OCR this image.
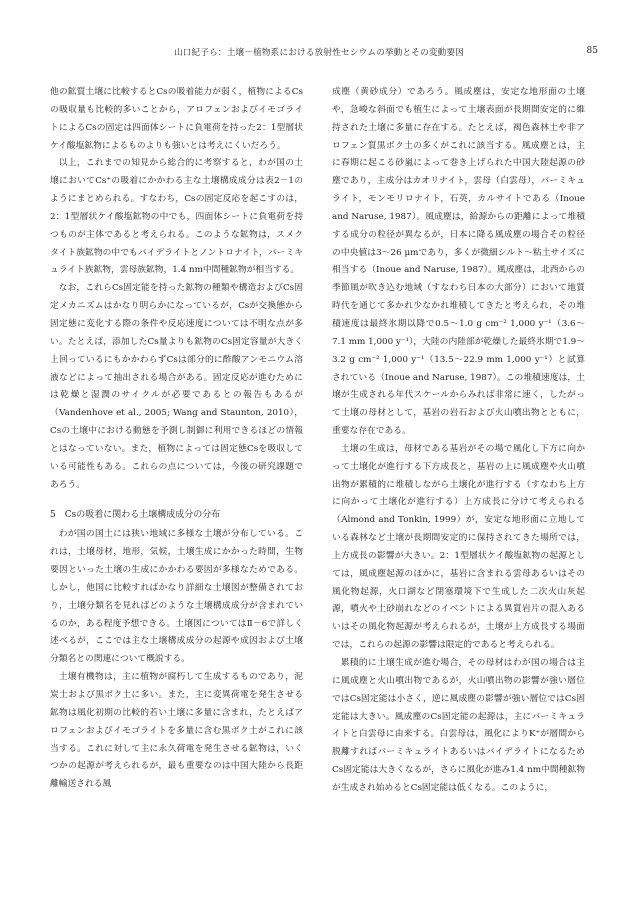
山口紀子ら：土壌－植物系における放射性セシウムの挙動とその変動要因	85

他の鉱質土壌に比較するとCsの吸着能力が弱く，植物によるCsの吸収量も比較的多いことから，アロフェンおよびイモゴライトによるCsの固定は四面体シートに負電荷を持った2：1型層状ケイ酸塩鉱物によるものよりも強いとは考えにくいだろう。

以上，これまでの知見から総合的に考察すると，わが国の土壌においてCs⁺の吸着にかかわる主な土壌構成成分は表2－1のようにまとめられる。すなわち，Csの固定反応を起こすのは，2：1型層状ケイ酸塩鉱物の中でも，四面体シートに負電荷を持つものが主体であると考えられる。このような鉱物は，スメクタイト族鉱物の中でもバイデライトとノントロナイト，バーミキュライト族鉱物，雲母族鉱物，1.4 nm中間種鉱物が相当する。

なお，これらCs固定能を持った鉱物の種類や構造およびCs固定メカニズムはかなり明らかになっているが，Csが交換態から固定態に変化する際の条件や反応速度については不明な点が多い。たとえば，添加したCs量よりも鉱物のCs固定容量が大きく上回っているにもかかわらずCsは部分的に酢酸アンモニウム溶液などによって抽出される場合がある。固定反応が進むためには乾燥と湿潤のサイクルが必要であるとの報告もあるが（Vandenhove et al., 2005; Wang and Staunton, 2010），Csの土壌中における動態を予測し制御に利用できるほどの情報とはなっていない。また，植物によっては固定態Csを吸収している可能性もある。これらの点については，今後の研究課題であろう。

5　Csの吸着に関わる土壌構成成分の分布

わが国の国土には狭い地域に多様な土壌が分布している。これは，土壌母材，地形，気候，土壌生成にかかった時間，生物要因といった土壌の生成にかかわる要因が多様なためである。しかし，他国に比較すればかなり詳細な土壌図が整備されており，土壌分類名を見ればどのような土壌構成成分が含まれているのか，ある程度予想できる。土壌図についてはⅡ－6で詳しく述べるが，ここでは主な土壌構成成分の起源や成因および土壌分類名との関連について概説する。

土壌有機物は，主に植物が腐朽して生成するものであり，泥炭土および黒ボク土に多い。また，主に変異荷電を発生させる鉱物は風化初期の比較的若い土壌に多量に含まれ，たとえばアロフェンおよびイモゴライトを多量に含む黒ボク土がこれに該当する。これに対して主に永久荷電を発生させる鉱物は，いくつかの起源が考えられるが，最も重要なのは中国大陸から長距離輸送される風

成塵（黄砂成分）であろう。風成塵は，安定な地形面の土壌や，急峻な斜面でも植生によって土壌表面が長期間安定的に維持された土壌に多量に存在する。たとえば，褐色森林土や非アロフェン質黒ボク土の多くがこれに該当する。風成塵とは，主に春期に起こる砂嵐によって巻き上げられた中国大陸起源の砂塵であり，主成分はカオリナイト，雲母（白雲母），バーミキュライト，モンモリロナイト，石英，カルサイトである（Inoue and Naruse, 1987）。風成塵は，給源からの距離によって堆積する成分の粒径が異なるが，日本に降る風成塵の場合その粒径の中央値は3～26 μmであり，多くが微細シルト～粘土サイズに相当する（Inoue and Naruse, 1987）。風成塵は，北西からの季節風が吹き込む地域（すなわち日本の大部分）において地質時代を通じて多かれ少なかれ堆積してきたと考えられ，その堆積速度は最終氷期以降で0.5～1.0 g cm⁻² 1,000 y⁻¹（3.6～7.1 mm 1,000 y⁻¹），大陸の内陸部が乾燥した最終氷期で1.9～3.2 g cm⁻² 1,000 y⁻¹（13.5～22.9 mm 1,000 y⁻¹）と試算されている（Inoue and Naruse, 1987）。この堆積速度は，土壌が生成される年代スケールからみれば非常に速く，したがって土壌の母材として，基岩の岩石および火山噴出物とともに，重要な存在である。

土壌の生成は，母材である基岩がその場で風化し下方に向かって土壌化が進行する下方成長と，基岩の上に風成塵や火山噴出物が累積的に堆積しながら土壌化が進行する（すなわち上方に向かって土壌化が進行する）上方成長に分けて考えられる（Almond and Tonkin, 1999）が，安定な地形面に立地している森林など土壌が長期間安定的に保持されてきた場所では，上方成長の影響が大きい。2：1型層状ケイ酸塩鉱物の起源としては，風成塵起源のほかに，基岩に含まれる雲母あるいはその風化物起源，火口湖など閉塞環境下で生成した二次火山灰起源，噴火や土砂崩れなどのイベントによる異質岩片の混入あるいはその風化物起源が考えられるが，土壌が上方成長する場面では，これらの起源の影響は限定的であると考えられる。

累積的に土壌生成が進む場合，その母材はわが国の場合は主に風成塵と火山噴出物であるが，火山噴出物の影響が強い層位ではCs固定能は小さく，逆に風成塵の影響が強い層位ではCs固定能は大きい。風成塵のCs固定能の起源は，主にバーミキュライトと白雲母に由来する。白雲母は，風化によりK⁺が層間から脱離すればバーミキュライトあるいはバイデライトになるためCs固定能は大きくなるが，さらに風化が進み1.4 nm中間種鉱物が生成され始めるとCs固定能は低くなる。このように，
